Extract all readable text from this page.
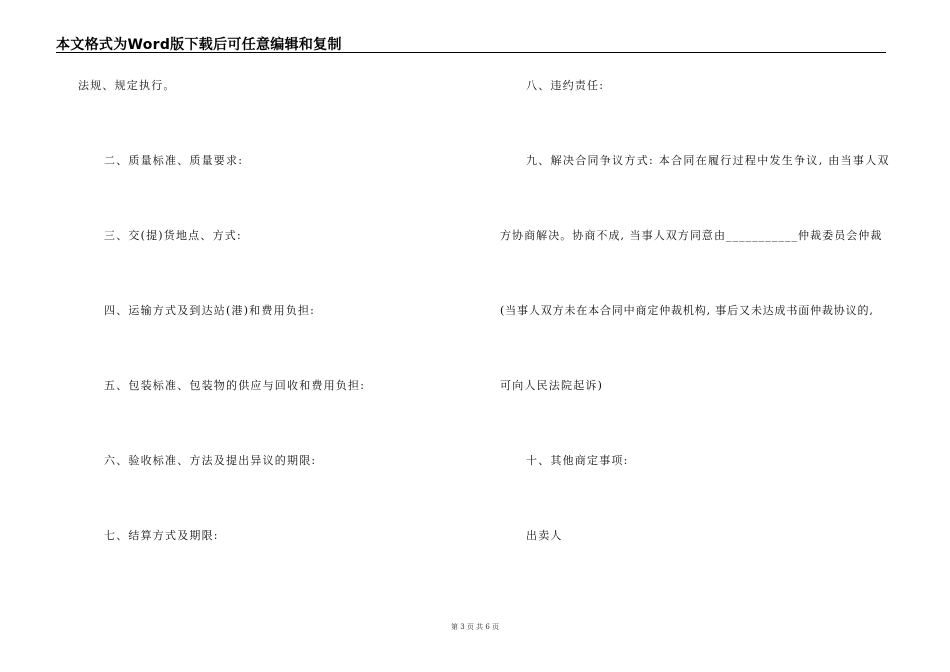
本文格式为Word版下载后可任意编辑和复制
法规、规定执行。
二、质量标准、质量要求:
三、交(提)货地点、方式:
四、运输方式及到达站(港)和费用负担:
五、包装标准、包装物的供应与回收和费用负担:
六、验收标准、方法及提出异议的期限:
七、结算方式及期限:
八、违约责任:
九、解决合同争议方式: 本合同在履行过程中发生争议, 由当事人双
方协商解决。协商不成, 当事人双方同意由___________仲裁委员会仲裁
(当事人双方未在本合同中商定仲裁机构, 事后又未达成书面仲裁协议的,
可向人民法院起诉)
十、其他商定事项:
出卖人
第 3 页 共 6 页
